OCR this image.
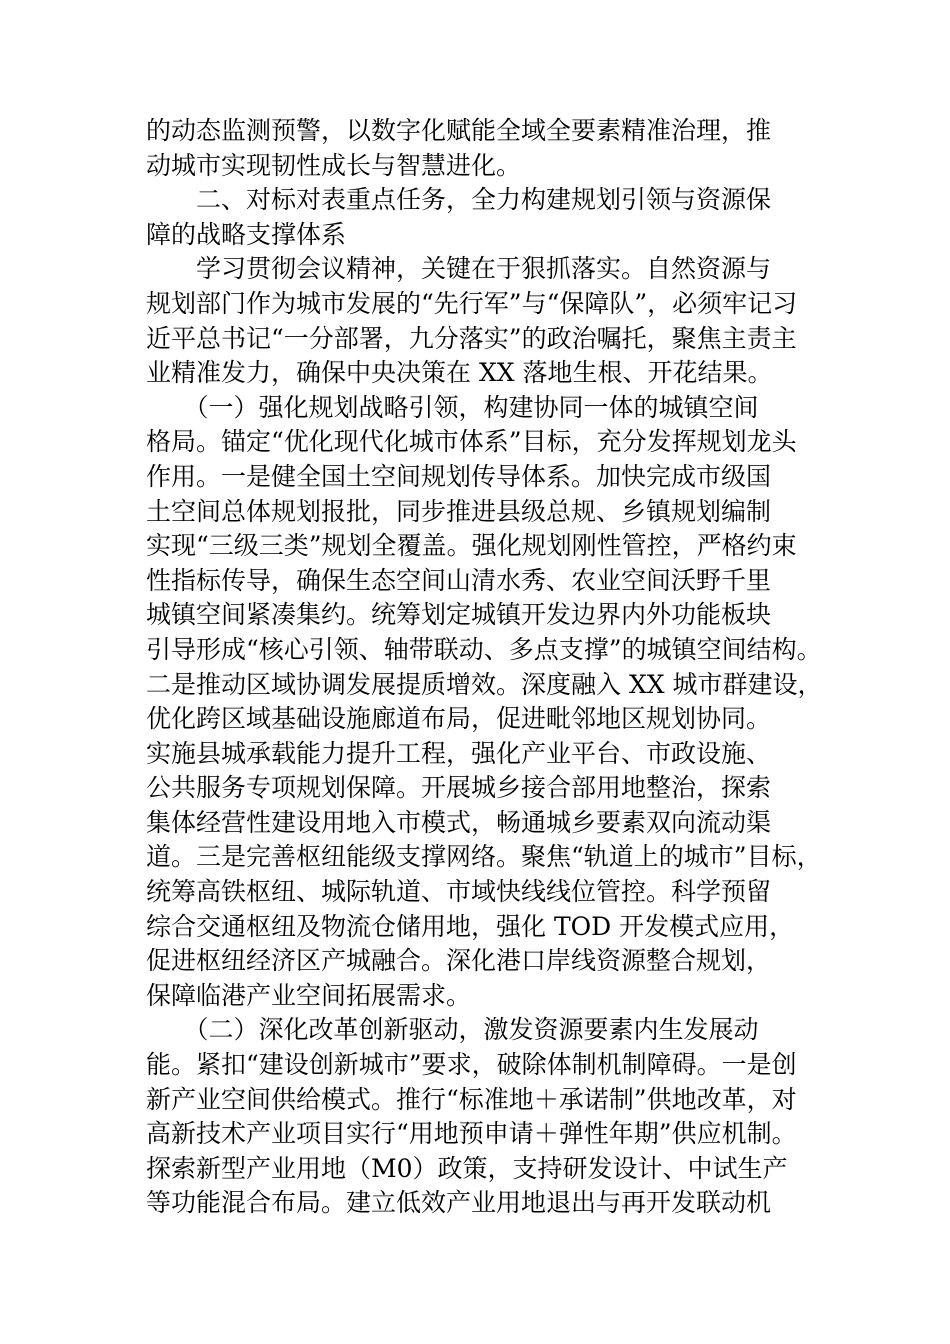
的动态监测预警，以数字化赋能全域全要素精准治理，推
动城市实现韧性成长与智慧进化。
　　二、对标对表重点任务，全力构建规划引领与资源保
障的战略支撑体系
　　学习贯彻会议精神，关键在于狠抓落实。自然资源与
规划部门作为城市发展的“先行军”与“保障队”，必须牢记习
近平总书记“一分部署，九分落实”的政治嘱托，聚焦主责主
业精准发力，确保中央决策在 XX 落地生根、开花结果。
　　（一）强化规划战略引领，构建协同一体的城镇空间
格局。锚定“优化现代化城市体系”目标，充分发挥规划龙头
作用。一是健全国土空间规划传导体系。加快完成市级国
土空间总体规划报批，同步推进县级总规、乡镇规划编制
实现“三级三类”规划全覆盖。强化规划刚性管控，严格约束
性指标传导，确保生态空间山清水秀、农业空间沃野千里
城镇空间紧凑集约。统筹划定城镇开发边界内外功能板块
引导形成“核心引领、轴带联动、多点支撑”的城镇空间结构。
二是推动区域协调发展提质增效。深度融入 XX 城市群建设，
优化跨区域基础设施廊道布局，促进毗邻地区规划协同。
实施县城承载能力提升工程，强化产业平台、市政设施、
公共服务专项规划保障。开展城乡接合部用地整治，探索
集体经营性建设用地入市模式，畅通城乡要素双向流动渠
道。三是完善枢纽能级支撑网络。聚焦“轨道上的城市”目标，
统筹高铁枢纽、城际轨道、市域快线线位管控。科学预留
综合交通枢纽及物流仓储用地，强化 TOD 开发模式应用，
促进枢纽经济区产城融合。深化港口岸线资源整合规划，
保障临港产业空间拓展需求。
　　（二）深化改革创新驱动，激发资源要素内生发展动
能。紧扣“建设创新城市”要求，破除体制机制障碍。一是创
新产业空间供给模式。推行“标准地＋承诺制”供地改革，对
高新技术产业项目实行“用地预申请＋弹性年期”供应机制。
探索新型产业用地（M0）政策，支持研发设计、中试生产
等功能混合布局。建立低效产业用地退出与再开发联动机
